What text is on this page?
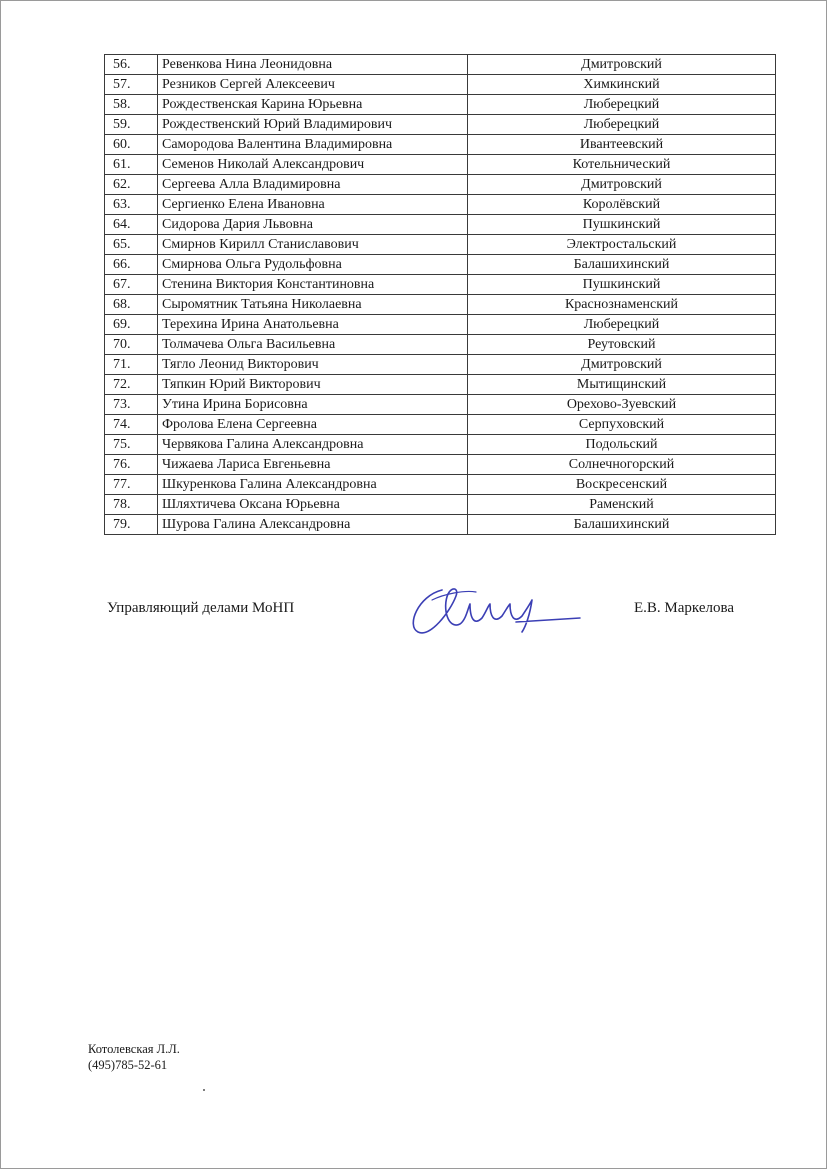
56.	Ревенкова Нина Леонидовна	Дмитровский
57.	Резников Сергей Алексеевич	Химкинский
58.	Рождественская Карина Юрьевна	Люберецкий
59.	Рождественский Юрий Владимирович	Люберецкий
60.	Самородова Валентина Владимировна	Ивантеевский
61.	Семенов Николай Александрович	Котельнический
62.	Сергеева Алла Владимировна	Дмитровский
63.	Сергиенко Елена Ивановна	Королёвский
64.	Сидорова Дария Львовна	Пушкинский
65.	Смирнов Кирилл Станиславович	Электростальский
66.	Смирнова Ольга Рудольфовна	Балашихинский
67.	Стенина Виктория Константиновна	Пушкинский
68.	Сыромятник Татьяна Николаевна	Краснознаменский
69.	Терехина Ирина Анатольевна	Люберецкий
70.	Толмачева Ольга Васильевна	Реутовский
71.	Тягло Леонид Викторович	Дмитровский
72.	Тяпкин Юрий Викторович	Мытищинский
73.	Утина Ирина Борисовна	Орехово-Зуевский
74.	Фролова Елена Сергеевна	Серпуховский
75.	Червякова Галина Александровна	Подольский
76.	Чижаева Лариса Евгеньевна	Солнечногорский
77.	Шкуренкова Галина Александровна	Воскресенский
78.	Шляхтичева Оксана Юрьевна	Раменский
79.	Шурова Галина Александровна	Балашихинский
Управляющий делами МоНП	Е.В. Маркелова
Котолевская Л.Л.
(495)785-52-61
